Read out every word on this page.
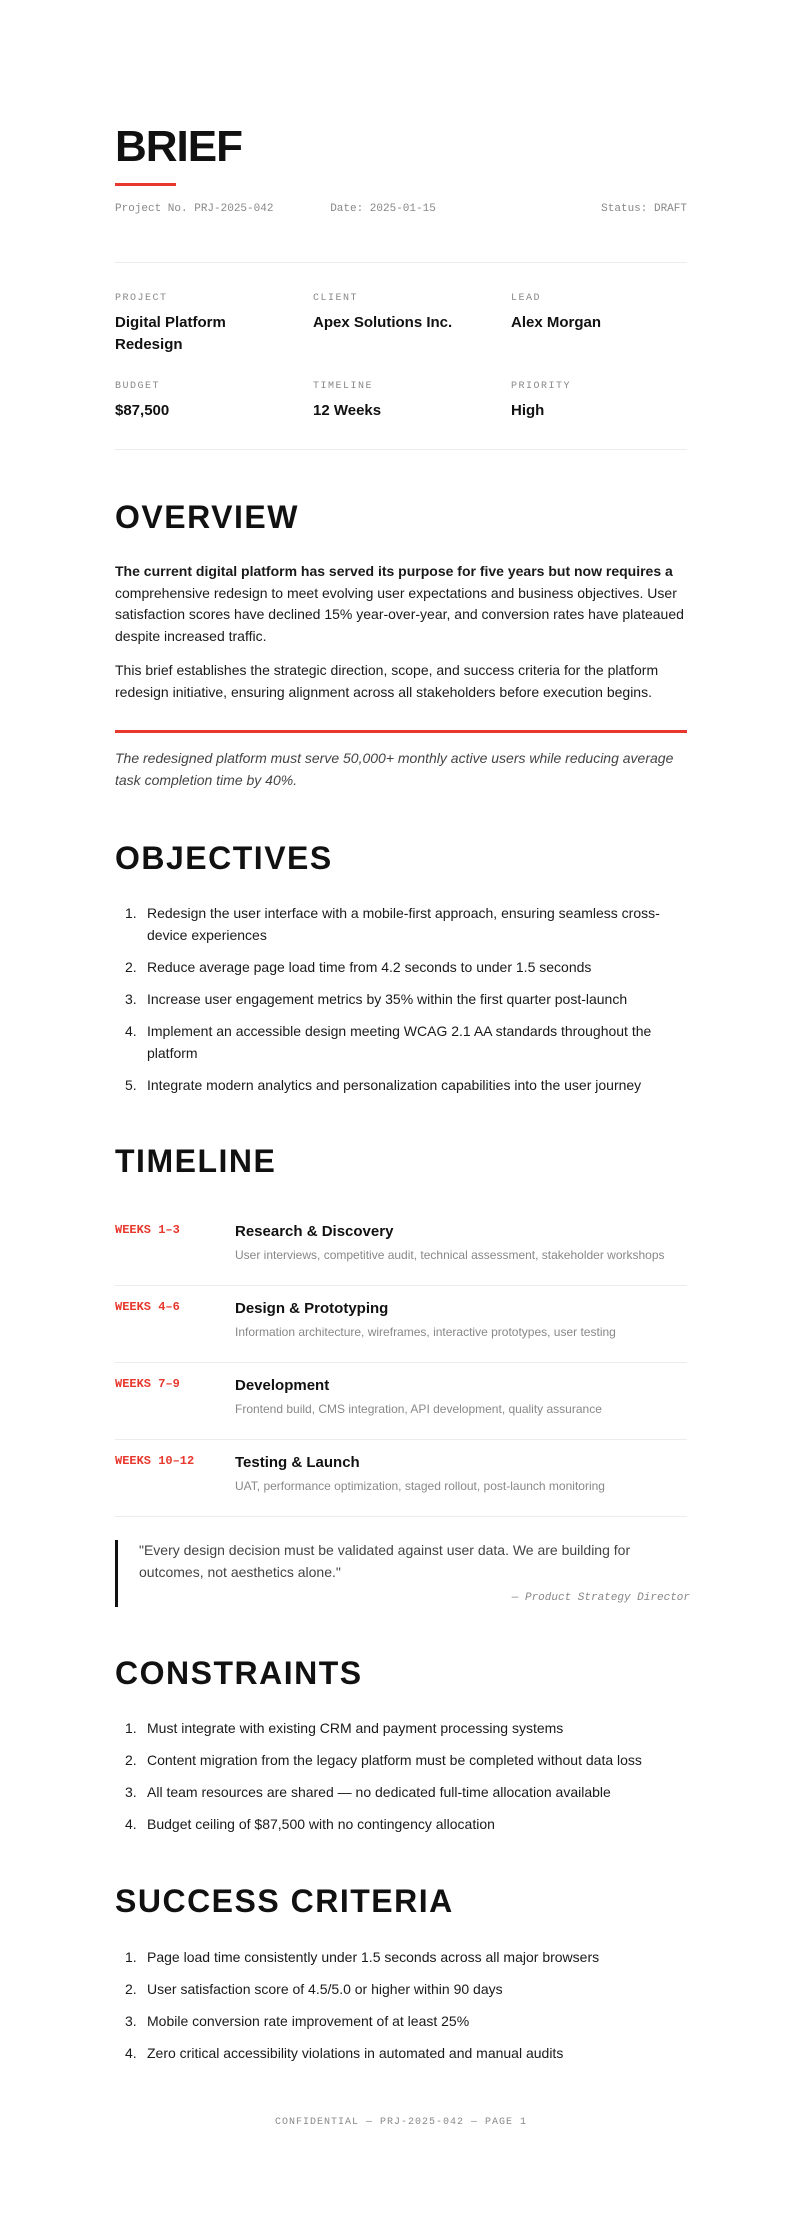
BRIEF
Project No. PRJ-2025-042	Date: 2025-01-15	Status: DRAFT
PROJECT
Digital Platform Redesign
CLIENT
Apex Solutions Inc.
LEAD
Alex Morgan
BUDGET
$87,500
TIMELINE
12 Weeks
PRIORITY
High
OVERVIEW

The current digital platform has served its purpose for five years but now requires a comprehensive redesign to meet evolving user expectations and business objectives. User satisfaction scores have declined 15% year-over-year, and conversion rates have plateaued despite increased traffic.

This brief establishes the strategic direction, scope, and success criteria for the platform redesign initiative, ensuring alignment across all stakeholders before execution begins.

The redesigned platform must serve 50,000+ monthly active users while reducing average task completion time by 40%.

OBJECTIVES
1. Redesign the user interface with a mobile-first approach, ensuring seamless cross-device experiences
2. Reduce average page load time from 4.2 seconds to under 1.5 seconds
3. Increase user engagement metrics by 35% within the first quarter post-launch
4. Implement an accessible design meeting WCAG 2.1 AA standards throughout the platform
5. Integrate modern analytics and personalization capabilities into the user journey
TIMELINE
WEEKS 1–3	Research & Discovery
User interviews, competitive audit, technical assessment, stakeholder workshops
WEEKS 4–6	Design & Prototyping
Information architecture, wireframes, interactive prototypes, user testing
WEEKS 7–9	Development
Frontend build, CMS integration, API development, quality assurance
WEEKS 10–12	Testing & Launch
UAT, performance optimization, staged rollout, post-launch monitoring

"Every design decision must be validated against user data. We are building for outcomes, not aesthetics alone."

— Product Strategy Director
CONSTRAINTS
1. Must integrate with existing CRM and payment processing systems
2. Content migration from the legacy platform must be completed without data loss
3. All team resources are shared — no dedicated full-time allocation available
4. Budget ceiling of $87,500 with no contingency allocation
SUCCESS CRITERIA
1. Page load time consistently under 1.5 seconds across all major browsers
2. User satisfaction score of 4.5/5.0 or higher within 90 days
3. Mobile conversion rate improvement of at least 25%
4. Zero critical accessibility violations in automated and manual audits
CONFIDENTIAL — PRJ-2025-042 — PAGE 1
